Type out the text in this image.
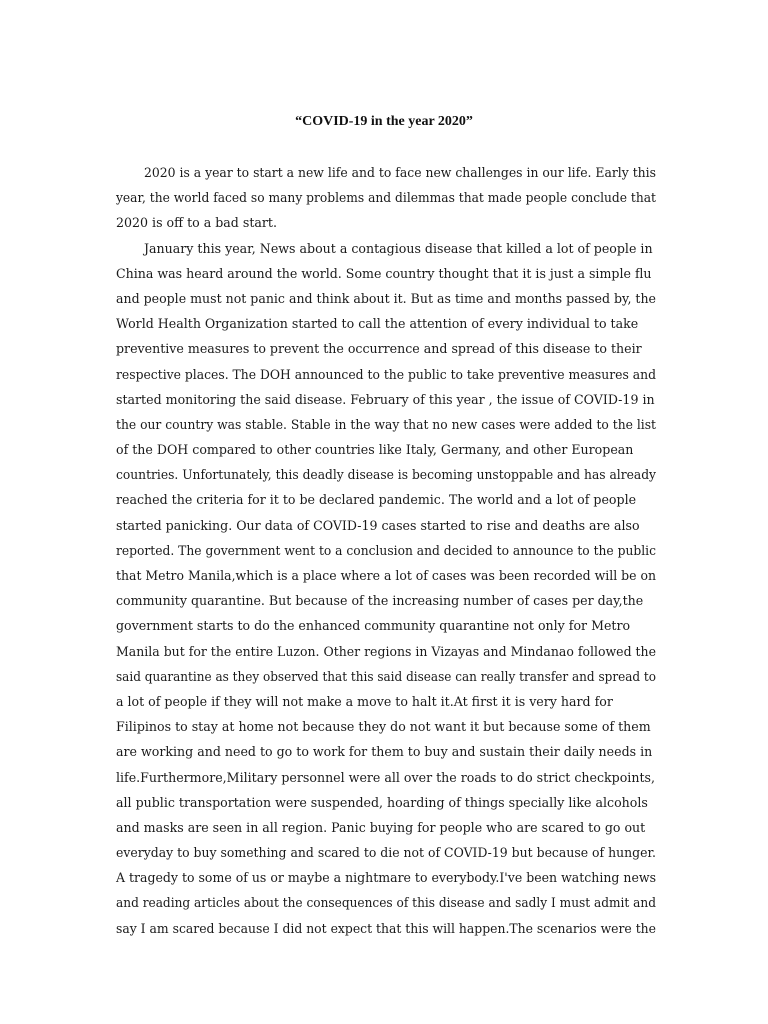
“COVID-19 in the year 2020”
2020 is a year to start a new life and to face new challenges in our life. Early this
year, the world faced so many problems and dilemmas that made people conclude that
2020 is off to a bad start.
January this year, News about a contagious disease that killed a lot of people in
China was heard around the world. Some country thought that it is just a simple flu
and people must not panic and think about it. But as time and months passed by, the
World Health Organization started to call the attention of every individual to take
preventive measures to prevent the occurrence and spread of this disease to their
respective places. The DOH announced to the public to take preventive measures and
started monitoring the said disease. February of this year , the issue of COVID-19 in
the our country was stable. Stable in the way that no new cases were added to the list
of the DOH compared to other countries like Italy, Germany, and other European
countries. Unfortunately, this deadly disease is becoming unstoppable and has already
reached the criteria for it to be declared pandemic. The world and a lot of people
started panicking. Our data of COVID-19 cases started to rise and deaths are also
reported. The government went to a conclusion and decided to announce to the public
that Metro Manila,which is a place where a lot of cases was been recorded will be on
community quarantine. But because of the increasing number of cases per day,the
government starts to do the enhanced community quarantine not only for Metro
Manila but for the entire Luzon. Other regions in Vizayas and Mindanao followed the
said quarantine as they observed that this said disease can really transfer and spread to
a lot of people if they will not make a move to halt it.At first it is very hard for
Filipinos to stay at home not because they do not want it but because some of them
are working and need to go to work for them to buy and sustain their daily needs in
life.Furthermore,Military personnel were all over the roads to do strict checkpoints,
all public transportation were suspended, hoarding of things specially like alcohols
and masks are seen in all region. Panic buying for people who are scared to go out
everyday to buy something and scared to die not of COVID-19 but because of hunger.
A tragedy to some of us or maybe a nightmare to everybody.I've been watching news
and reading articles about the consequences of this disease and sadly I must admit and
say I am scared because I did not expect that this will happen.The scenarios were the
